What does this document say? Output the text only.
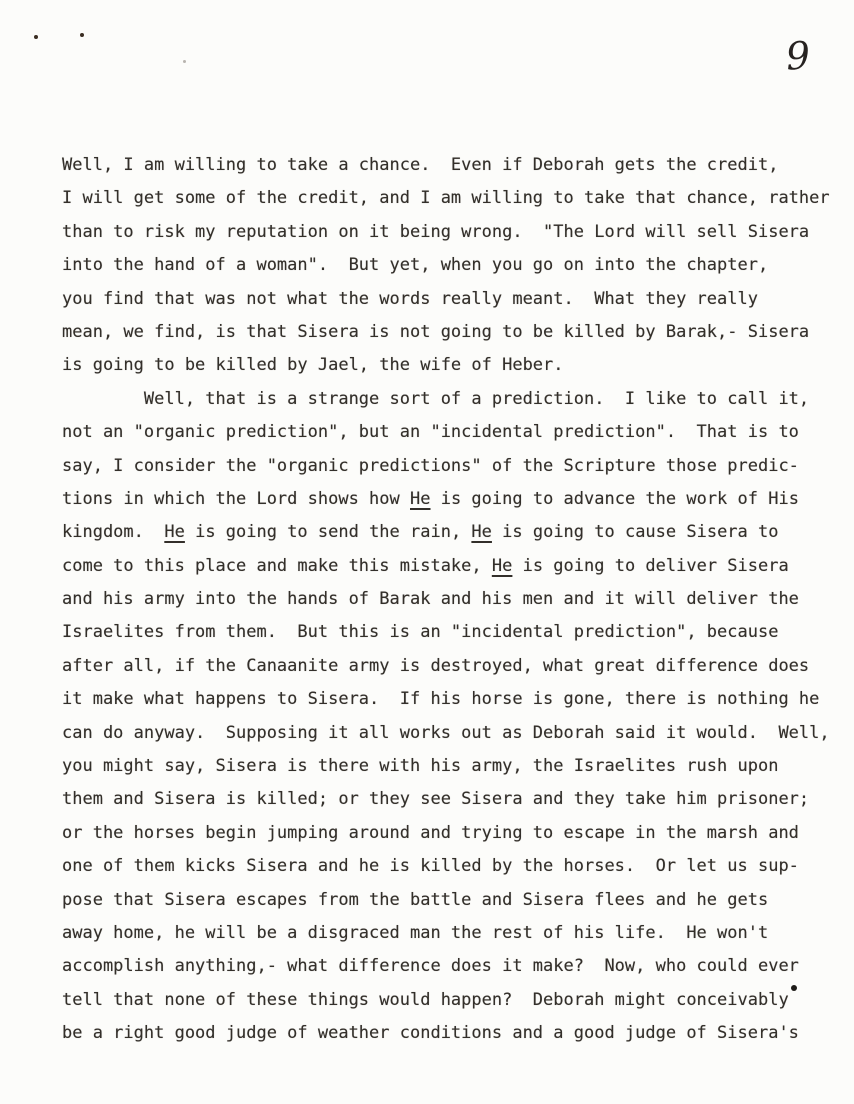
9
Well, I am willing to take a chance.  Even if Deborah gets the credit,
I will get some of the credit, and I am willing to take that chance, rather
than to risk my reputation on it being wrong.  "The Lord will sell Sisera
into the hand of a woman".  But yet, when you go on into the chapter,
you find that was not what the words really meant.  What they really
mean, we find, is that Sisera is not going to be killed by Barak,- Sisera
is going to be killed by Jael, the wife of Heber.
Well, that is a strange sort of a prediction.  I like to call it,
not an "organic prediction", but an "incidental prediction".  That is to
say, I consider the "organic predictions" of the Scripture those predic-
tions in which the Lord shows how He is going to advance the work of His
kingdom.  He is going to send the rain, He is going to cause Sisera to
come to this place and make this mistake, He is going to deliver Sisera
and his army into the hands of Barak and his men and it will deliver the
Israelites from them.  But this is an "incidental prediction", because
after all, if the Canaanite army is destroyed, what great difference does
it make what happens to Sisera.  If his horse is gone, there is nothing he
can do anyway.  Supposing it all works out as Deborah said it would.  Well,
you might say, Sisera is there with his army, the Israelites rush upon
them and Sisera is killed; or they see Sisera and they take him prisoner;
or the horses begin jumping around and trying to escape in the marsh and
one of them kicks Sisera and he is killed by the horses.  Or let us sup-
pose that Sisera escapes from the battle and Sisera flees and he gets
away home, he will be a disgraced man the rest of his life.  He won't
accomplish anything,- what difference does it make?  Now, who could ever
tell that none of these things would happen?  Deborah might conceivably
be a right good judge of weather conditions and a good judge of Sisera's
